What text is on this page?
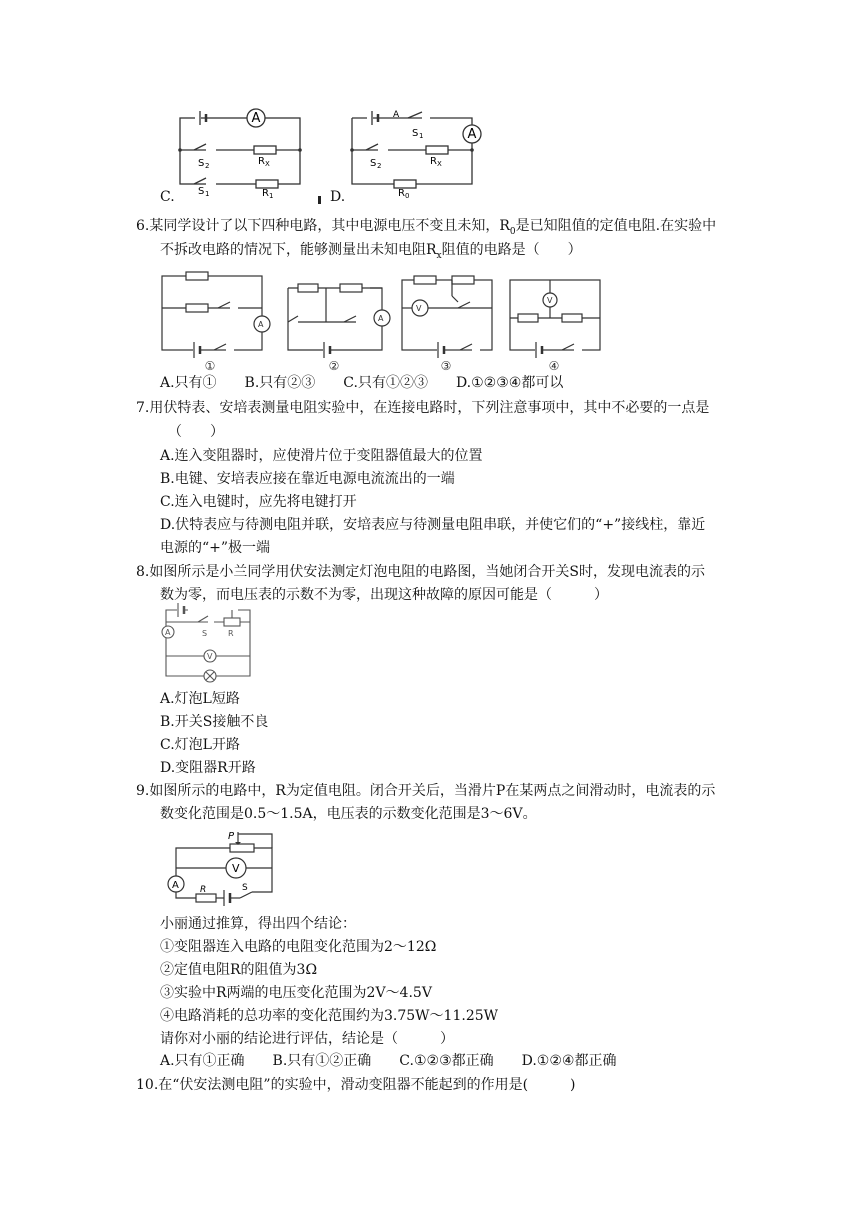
A
S 2	R X
S 1	R 1
C.	D.
A
A
S 1
S 2	R X
R 0
6.某同学设计了以下四种电路，其中电源电压不变且未知，$R_0$是已知阻值的定值电阻.在实验中
不拆改电路的情况下，能够测量出未知电阻$R_x$阻值的电路是（　　）
A
A
V
V
①	②	③	④
A.只有①　　B.只有②③　　C.只有①②③　　D.①②③④都可以
7.用伏特表、安培表测量电阻实验中，在连接电路时，下列注意事项中，其中不必要的一点是
（　　）
A.连入变阻器时，应使滑片位于变阻器值最大的位置
B.电键、安培表应接在靠近电源电流流出的一端
C.连入电键时，应先将电键打开
D.伏特表应与待测电阻并联，安培表应与待测量电阻串联，并使它们的“+”接线柱，靠近
电源的“+”极一端
8.如图所示是小兰同学用伏安法测定灯泡电阻的电路图，当她闭合开关S时，发现电流表的示
数为零，而电压表的示数不为零，出现这种故障的原因可能是（　　　）
A	S	R
V
A.灯泡L短路
B.开关S接触不良
C.灯泡L开路
D.变阻器R开路
9.如图所示的电路中，R为定值电阻。闭合开关后，当滑片P在某两点之间滑动时，电流表的示
数变化范围是0.5～1.5A，电压表的示数变化范围是3～6V。
P
V
A R	S
小丽通过推算，得出四个结论：
①变阻器连入电路的电阻变化范围为2～12Ω
②定值电阻R的阻值为3Ω
③实验中R两端的电压变化范围为2V～4.5V
④电路消耗的总功率的变化范围约为3.75W～11.25W
请你对小丽的结论进行评估，结论是（　　　）
A.只有①正确　　B.只有①②正确　　C.①②③都正确　　D.①②④都正确
10.在“伏安法测电阻”的实验中，滑动变阻器不能起到的作用是(　　　)
